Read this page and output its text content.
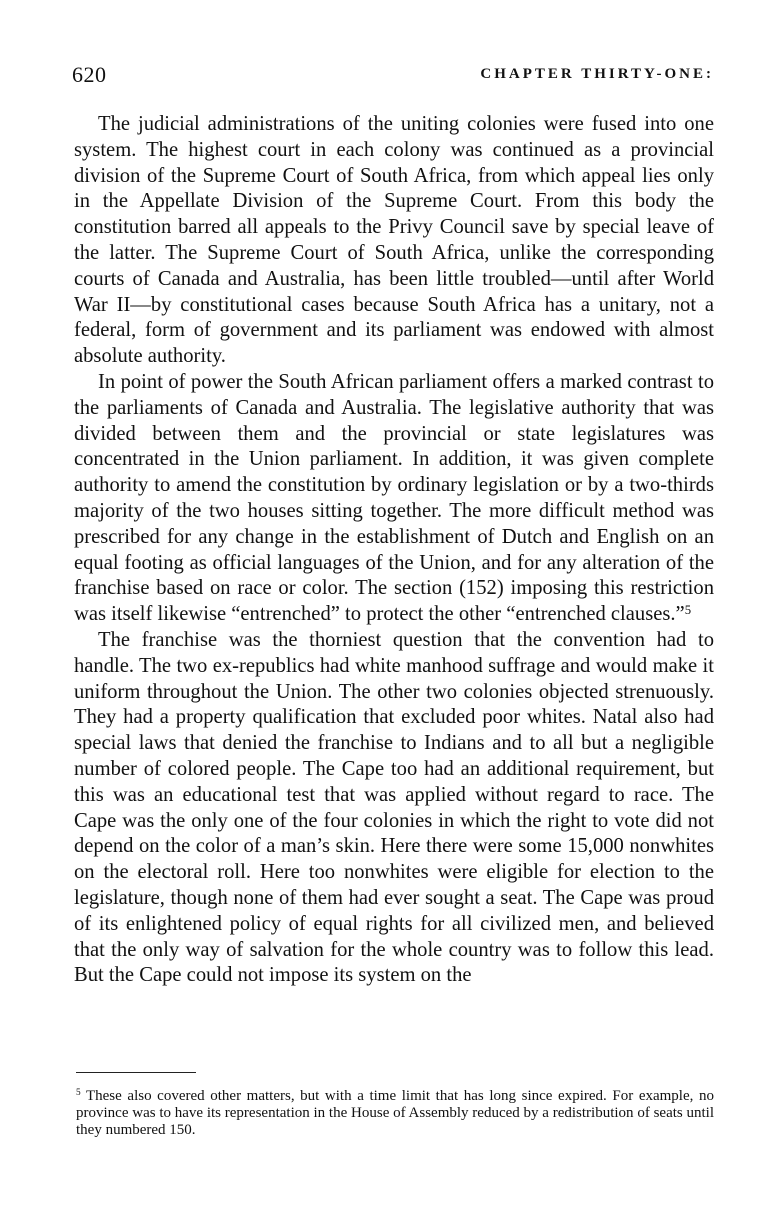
620	CHAPTER THIRTY-ONE:

The judicial administrations of the uniting colonies were fused into one system. The highest court in each colony was continued as a provincial division of the Supreme Court of South Africa, from which appeal lies only in the Appellate Division of the Supreme Court. From this body the constitution barred all appeals to the Privy Council save by special leave of the latter. The Supreme Court of South Africa, unlike the corresponding courts of Canada and Australia, has been little troubled—until after World War II—by constitutional cases because South Africa has a unitary, not a federal, form of government and its parliament was endowed with almost absolute authority.

In point of power the South African parliament offers a marked contrast to the parliaments of Canada and Australia. The legislative authority that was divided between them and the provincial or state legislatures was concentrated in the Union parliament. In addition, it was given complete authority to amend the constitution by ordinary legislation or by a two-thirds majority of the two houses sitting together. The more difficult method was prescribed for any change in the establishment of Dutch and English on an equal footing as official languages of the Union, and for any alteration of the franchise based on race or color. The section (152) imposing this restriction was itself likewise “entrenched” to protect the other “entrenched clauses.”$^5$

The franchise was the thorniest question that the convention had to handle. The two ex-republics had white manhood suffrage and would make it uniform throughout the Union. The other two colonies objected strenuously. They had a property qualification that excluded poor whites. Natal also had special laws that denied the franchise to Indians and to all but a negligible number of colored people. The Cape too had an additional requirement, but this was an educational test that was applied without regard to race. The Cape was the only one of the four colonies in which the right to vote did not depend on the color of a man’s skin. Here there were some 15,000 nonwhites on the electoral roll. Here too nonwhites were eligible for election to the legislature, though none of them had ever sought a seat. The Cape was proud of its enlightened policy of equal rights for all civilized men, and believed that the only way of salvation for the whole country was to follow this lead. But the Cape could not impose its system on the

$^5$ These also covered other matters, but with a time limit that has long since expired. For example, no province was to have its representation in the House of Assembly reduced by a redistribution of seats until they numbered 150.
